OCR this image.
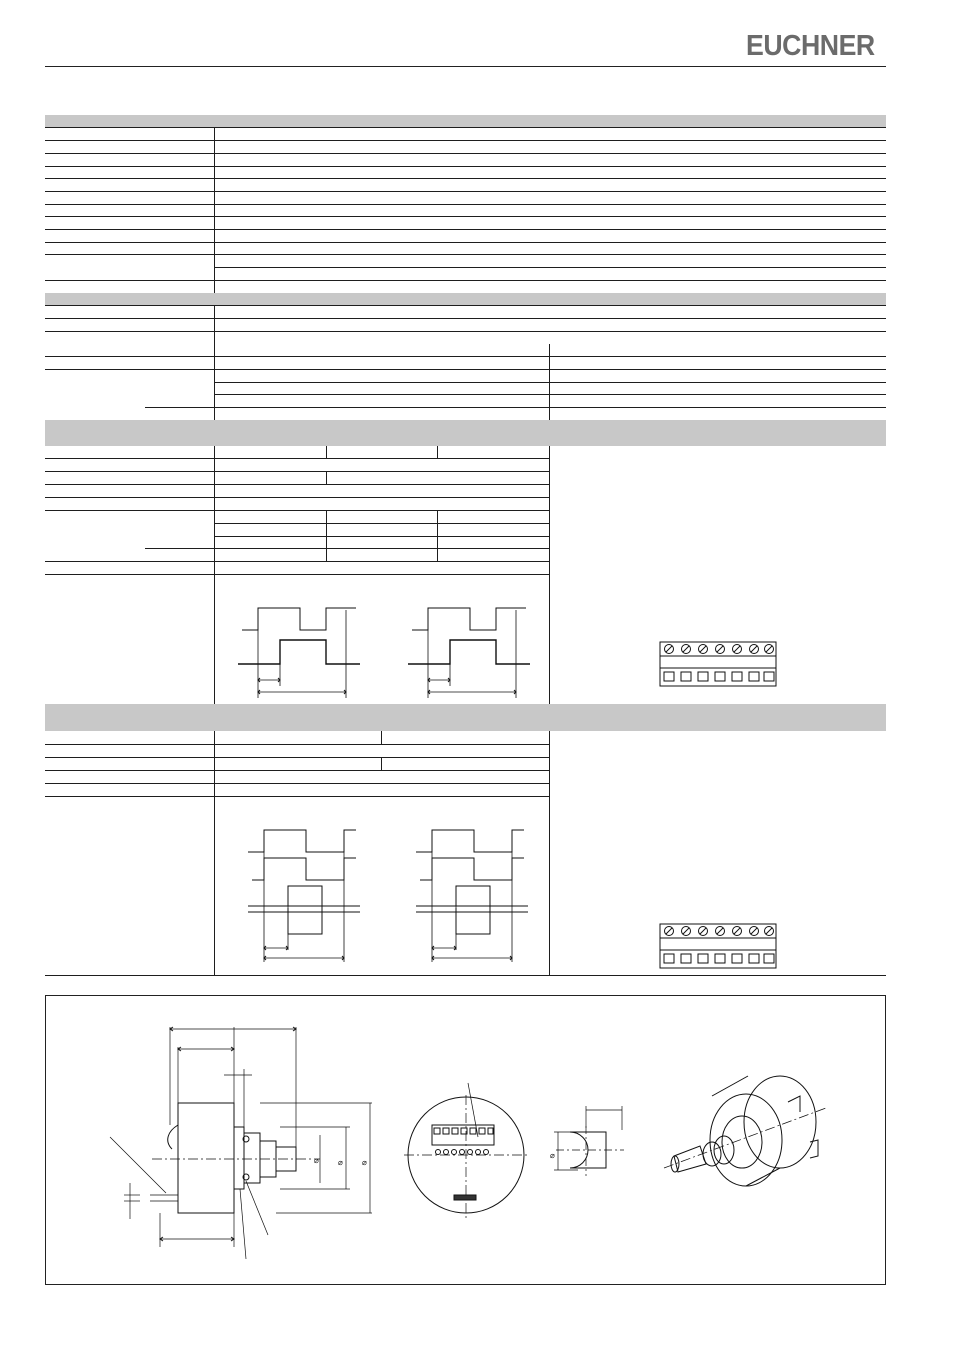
EUCHNER
⌀ ⌀ ⌀
⌀
